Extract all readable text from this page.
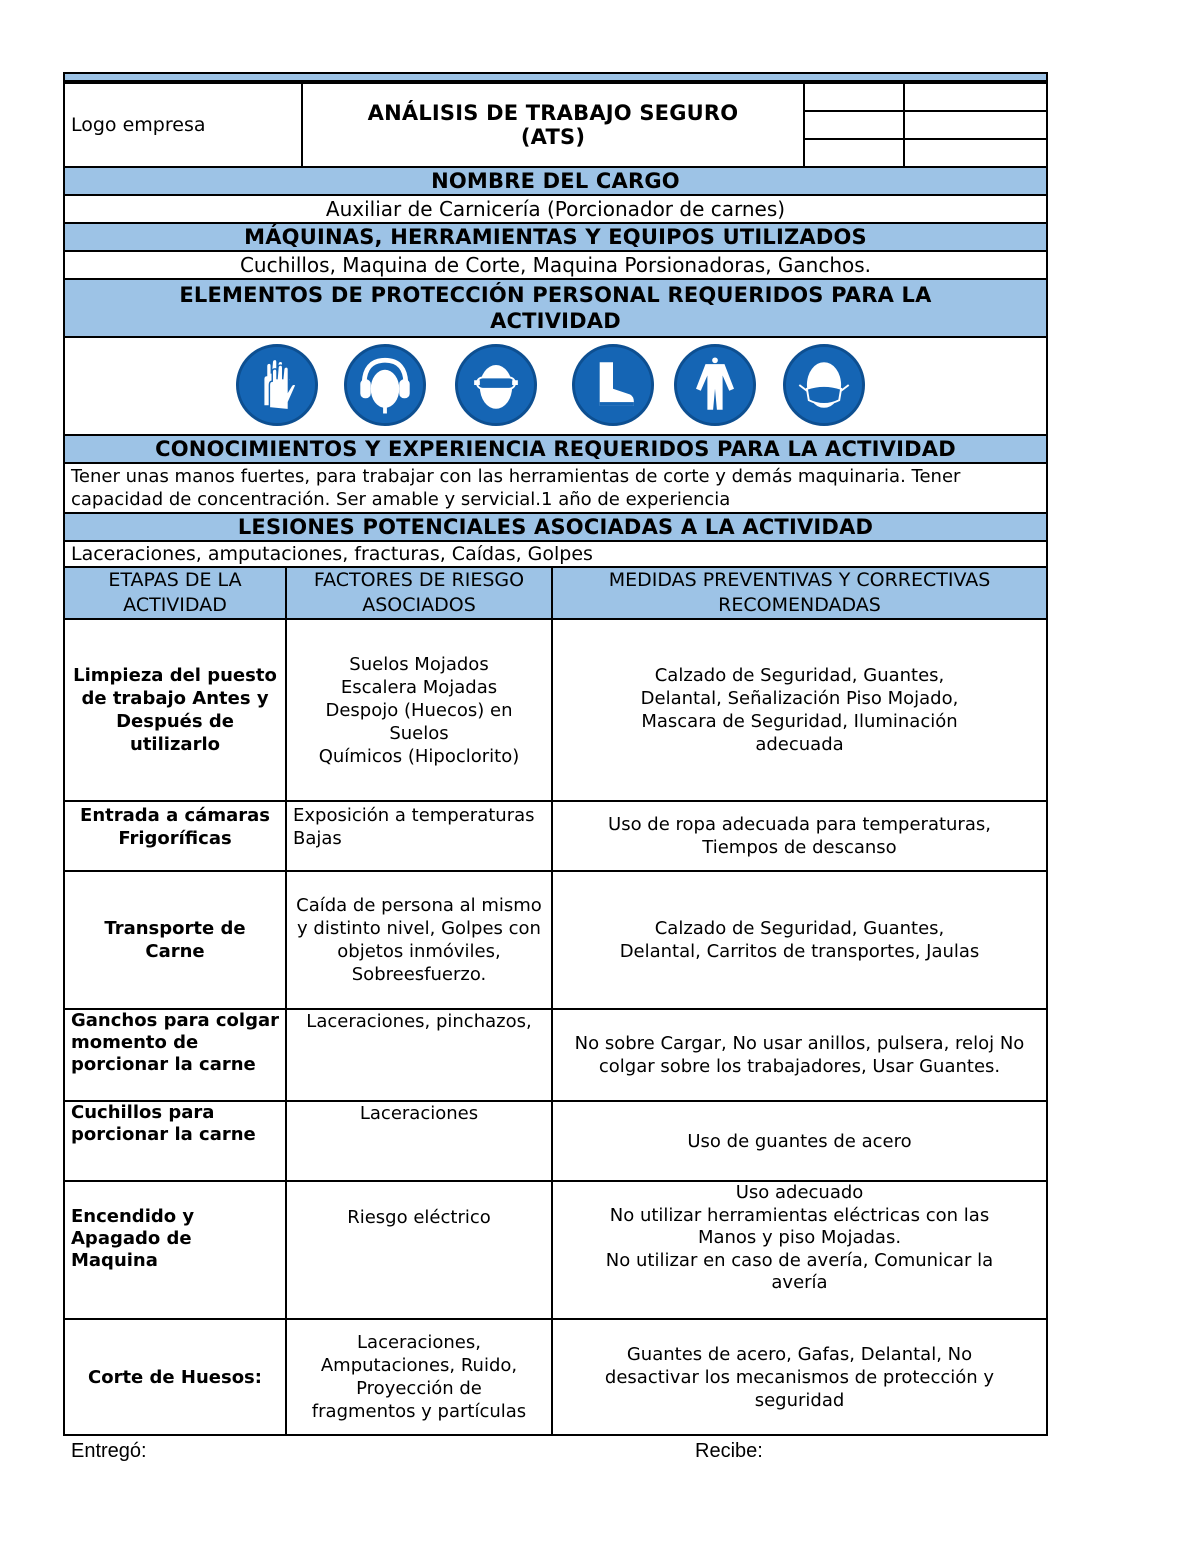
Logo empresa	ANÁLISIS DE TRABAJO SEGURO
(ATS)
NOMBRE DEL CARGO
Auxiliar de Carnicería (Porcionador de carnes)
MÁQUINAS, HERRAMIENTAS Y EQUIPOS UTILIZADOS
Cuchillos, Maquina de Corte, Maquina Porsionadoras, Ganchos.
ELEMENTOS DE PROTECCIÓN PERSONAL REQUERIDOS PARA LA ACTIVIDAD
CONOCIMIENTOS Y EXPERIENCIA REQUERIDOS PARA LA ACTIVIDAD
Tener unas manos fuertes, para trabajar con las herramientas de corte y demás maquinaria. Tener capacidad de concentración. Ser amable y servicial.1 año de experiencia
LESIONES POTENCIALES ASOCIADAS A LA ACTIVIDAD
Laceraciones, amputaciones, fracturas, Caídas, Golpes
ETAPAS DE LA ACTIVIDAD
FACTORES DE RIESGO ASOCIADOS
MEDIDAS PREVENTIVAS Y CORRECTIVAS RECOMENDADAS
Limpieza del puesto de trabajo Antes y Después de utilizarlo
Suelos Mojados
Escalera Mojadas
Despojo (Huecos) en Suelos
Químicos (Hipoclorito)
Calzado de Seguridad, Guantes, Delantal, Señalización Piso Mojado, Mascara de Seguridad, Iluminación adecuada
Entrada a cámaras Frigoríficas
Exposición a temperaturas Bajas
Uso de ropa adecuada para temperaturas, Tiempos de descanso
Transporte de Carne
Caída de persona al mismo y distinto nivel, Golpes con objetos inmóviles, Sobreesfuerzo.
Calzado de Seguridad, Guantes, Delantal, Carritos de transportes, Jaulas
Ganchos para colgar momento de porcionar la carne
Laceraciones, pinchazos,
No sobre Cargar, No usar anillos, pulsera, reloj No colgar sobre los trabajadores, Usar Guantes.
Cuchillos para porcionar la carne
Laceraciones
Uso de guantes de acero
Encendido y Apagado de Maquina
Riesgo eléctrico
Uso adecuado
No utilizar herramientas eléctricas con las Manos y piso Mojadas.
No utilizar en caso de avería, Comunicar la avería
Corte de Huesos:
Laceraciones, Amputaciones, Ruido, Proyección de fragmentos y partículas
Guantes de acero, Gafas, Delantal, No desactivar los mecanismos de protección y seguridad
Entregó:	Recibe:
